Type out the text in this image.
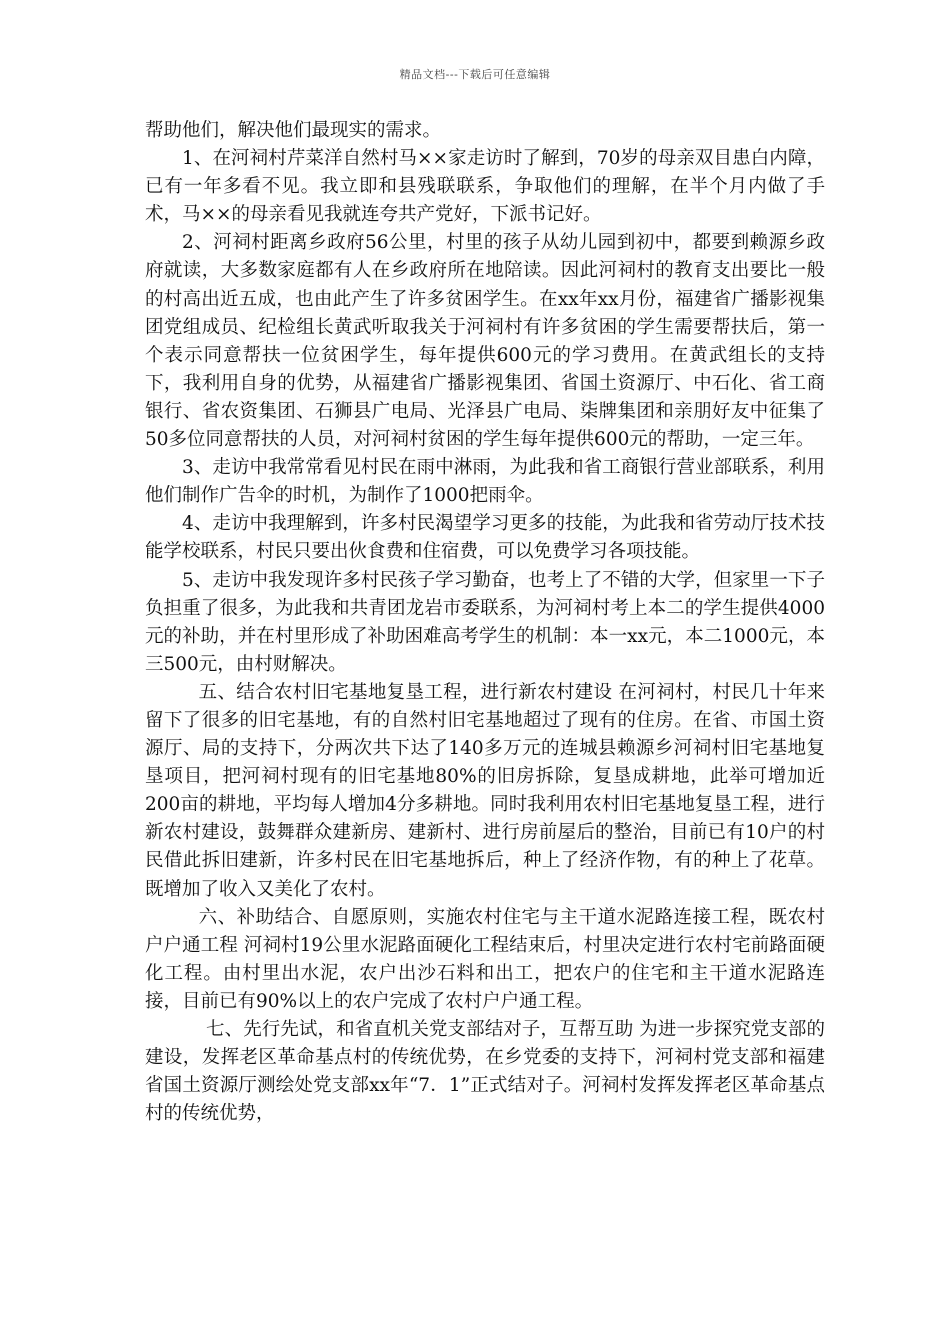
精品文档---下载后可任意编辑

帮助他们，解决他们最现实的需求。

1、在河祠村芹菜洋自然村马××家走访时了解到，70岁的母亲双目患白内障，已有一年多看不见。我立即和县残联联系，争取他们的理解，在半个月内做了手术，马××的母亲看见我就连夸共产党好，下派书记好。

2、河祠村距离乡政府56公里，村里的孩子从幼儿园到初中，都要到赖源乡政府就读，大多数家庭都有人在乡政府所在地陪读。因此河祠村的教育支出要比一般的村高出近五成，也由此产生了许多贫困学生。在xx年xx月份，福建省广播影视集团党组成员、纪检组长黄武听取我关于河祠村有许多贫困的学生需要帮扶后，第一个表示同意帮扶一位贫困学生，每年提供600元的学习费用。在黄武组长的支持下，我利用自身的优势，从福建省广播影视集团、省国土资源厅、中石化、省工商银行、省农资集团、石狮县广电局、光泽县广电局、柒牌集团和亲朋好友中征集了50多位同意帮扶的人员，对河祠村贫困的学生每年提供600元的帮助，一定三年。

3、走访中我常常看见村民在雨中淋雨，为此我和省工商银行营业部联系，利用他们制作广告伞的时机，为制作了1000把雨伞。

4、走访中我理解到，许多村民渴望学习更多的技能，为此我和省劳动厅技术技能学校联系，村民只要出伙食费和住宿费，可以免费学习各项技能。

5、走访中我发现许多村民孩子学习勤奋，也考上了不错的大学，但家里一下子负担重了很多，为此我和共青团龙岩市委联系，为河祠村考上本二的学生提供4000元的补助，并在村里形成了补助困难高考学生的机制：本一xx元，本二1000元，本三500元，由村财解决。

五、结合农村旧宅基地复垦工程，进行新农村建设 在河祠村，村民几十年来留下了很多的旧宅基地，有的自然村旧宅基地超过了现有的住房。在省、市国土资源厅、局的支持下，分两次共下达了140多万元的连城县赖源乡河祠村旧宅基地复垦项目，把河祠村现有的旧宅基地80%的旧房拆除，复垦成耕地，此举可增加近200亩的耕地，平均每人增加4分多耕地。同时我利用农村旧宅基地复垦工程，进行新农村建设，鼓舞群众建新房、建新村、进行房前屋后的整治，目前已有10户的村民借此拆旧建新，许多村民在旧宅基地拆后，种上了经济作物，有的种上了花草。既增加了收入又美化了农村。

六、补助结合、自愿原则，实施农村住宅与主干道水泥路连接工程，既农村户户通工程 河祠村19公里水泥路面硬化工程结束后，村里决定进行农村宅前路面硬化工程。由村里出水泥，农户出沙石料和出工，把农户的住宅和主干道水泥路连接，目前已有90%以上的农户完成了农村户户通工程。

七、先行先试，和省直机关党支部结对子，互帮互助 为进一步探究党支部的建设，发挥老区革命基点村的传统优势，在乡党委的支持下，河祠村党支部和福建省国土资源厅测绘处党支部xx年“7．1”正式结对子。河祠村发挥发挥老区革命基点村的传统优势，
